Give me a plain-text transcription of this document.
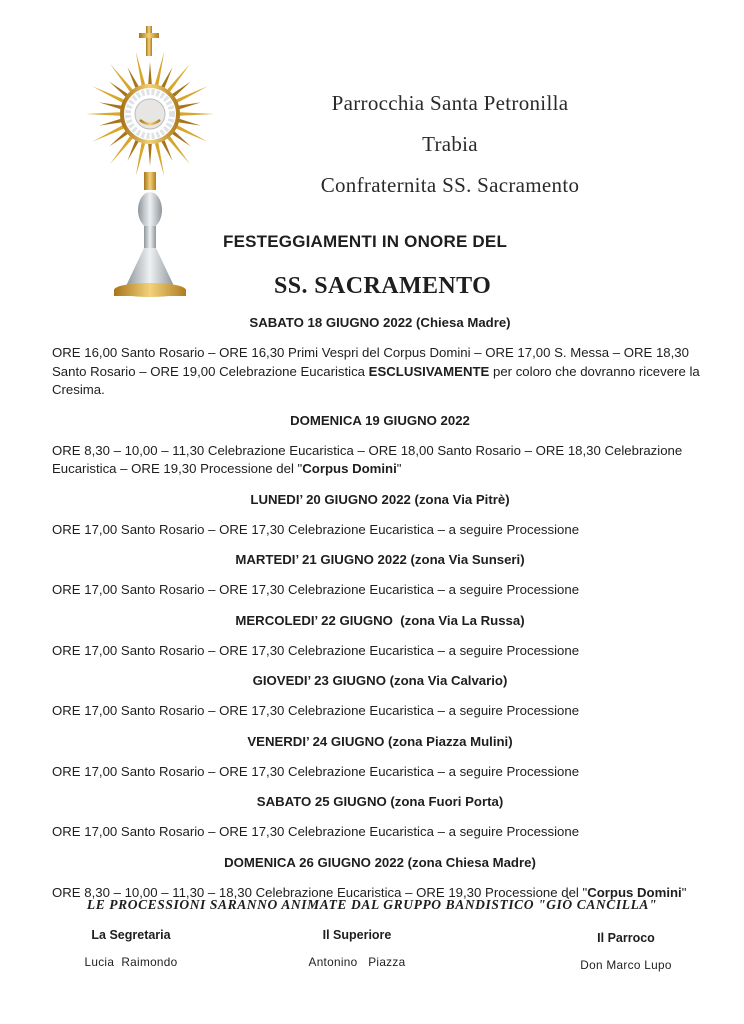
Parrocchia Santa Petronilla
Trabia
Confraternita SS. Sacramento
FESTEGGIAMENTI IN ONORE DEL
SS. SACRAMENTO
SABATO 18 GIUGNO 2022 (Chiesa Madre)
ORE 16,00 Santo Rosario – ORE 16,30 Primi Vespri del Corpus Domini – ORE 17,00 S. Messa – ORE 18,30 Santo Rosario – ORE 19,00 Celebrazione Eucaristica ESCLUSIVAMENTE per coloro che dovranno ricevere la Cresima.
DOMENICA 19 GIUGNO 2022
ORE 8,30 – 10,00 – 11,30 Celebrazione Eucaristica – ORE 18,00 Santo Rosario – ORE 18,30 Celebrazione Eucaristica – ORE 19,30 Processione del "Corpus Domini"
LUNEDI’ 20 GIUGNO 2022 (zona Via Pitrè)
ORE 17,00 Santo Rosario – ORE 17,30 Celebrazione Eucaristica – a seguire Processione
MARTEDI’ 21 GIUGNO 2022 (zona Via Sunseri)
ORE 17,00 Santo Rosario – ORE 17,30 Celebrazione Eucaristica – a seguire Processione
MERCOLEDI’ 22 GIUGNO  (zona Via La Russa)
ORE 17,00 Santo Rosario – ORE 17,30 Celebrazione Eucaristica – a seguire Processione
GIOVEDI’ 23 GIUGNO (zona Via Calvario)
ORE 17,00 Santo Rosario – ORE 17,30 Celebrazione Eucaristica – a seguire Processione
VENERDI’ 24 GIUGNO (zona Piazza Mulini)
ORE 17,00 Santo Rosario – ORE 17,30 Celebrazione Eucaristica – a seguire Processione
SABATO 25 GIUGNO (zona Fuori Porta)
ORE 17,00 Santo Rosario – ORE 17,30 Celebrazione Eucaristica – a seguire Processione
DOMENICA 26 GIUGNO 2022 (zona Chiesa Madre)
ORE 8,30 – 10,00 – 11,30 – 18,30 Celebrazione Eucaristica – ORE 19,30 Processione del "Corpus Domini"
LE PROCESSIONI SARANNO ANIMATE DAL GRUPPO BANDISTICO "GIÒ CANCILLA"
La Segretaria
Lucia  Raimondo
Il Superiore
Antonino   Piazza
Il Parroco
Don Marco Lupo
